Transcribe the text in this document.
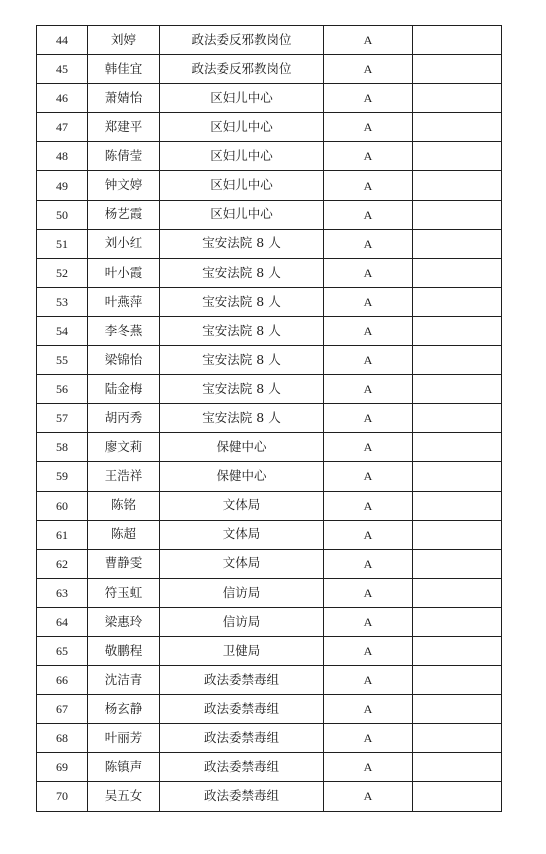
44	刘婷	政法委反邪教岗位	A	
45	韩佳宜	政法委反邪教岗位	A	
46	萧婧怡	区妇儿中心	A	
47	郑建平	区妇儿中心	A	
48	陈倩莹	区妇儿中心	A	
49	钟文婷	区妇儿中心	A	
50	杨艺霞	区妇儿中心	A	
51	刘小红	宝安法院 8 人	A	
52	叶小霞	宝安法院 8 人	A	
53	叶燕萍	宝安法院 8 人	A	
54	李冬燕	宝安法院 8 人	A	
55	梁锦怡	宝安法院 8 人	A	
56	陆金梅	宝安法院 8 人	A	
57	胡丙秀	宝安法院 8 人	A	
58	廖文莉	保健中心	A	
59	王浩祥	保健中心	A	
60	陈铭	文体局	A	
61	陈超	文体局	A	
62	曹静雯	文体局	A	
63	符玉虹	信访局	A	
64	梁惠玲	信访局	A	
65	敬鹏程	卫健局	A	
66	沈洁青	政法委禁毒组	A	
67	杨玄静	政法委禁毒组	A	
68	叶丽芳	政法委禁毒组	A	
69	陈镇声	政法委禁毒组	A	
70	吴五女	政法委禁毒组	A	
